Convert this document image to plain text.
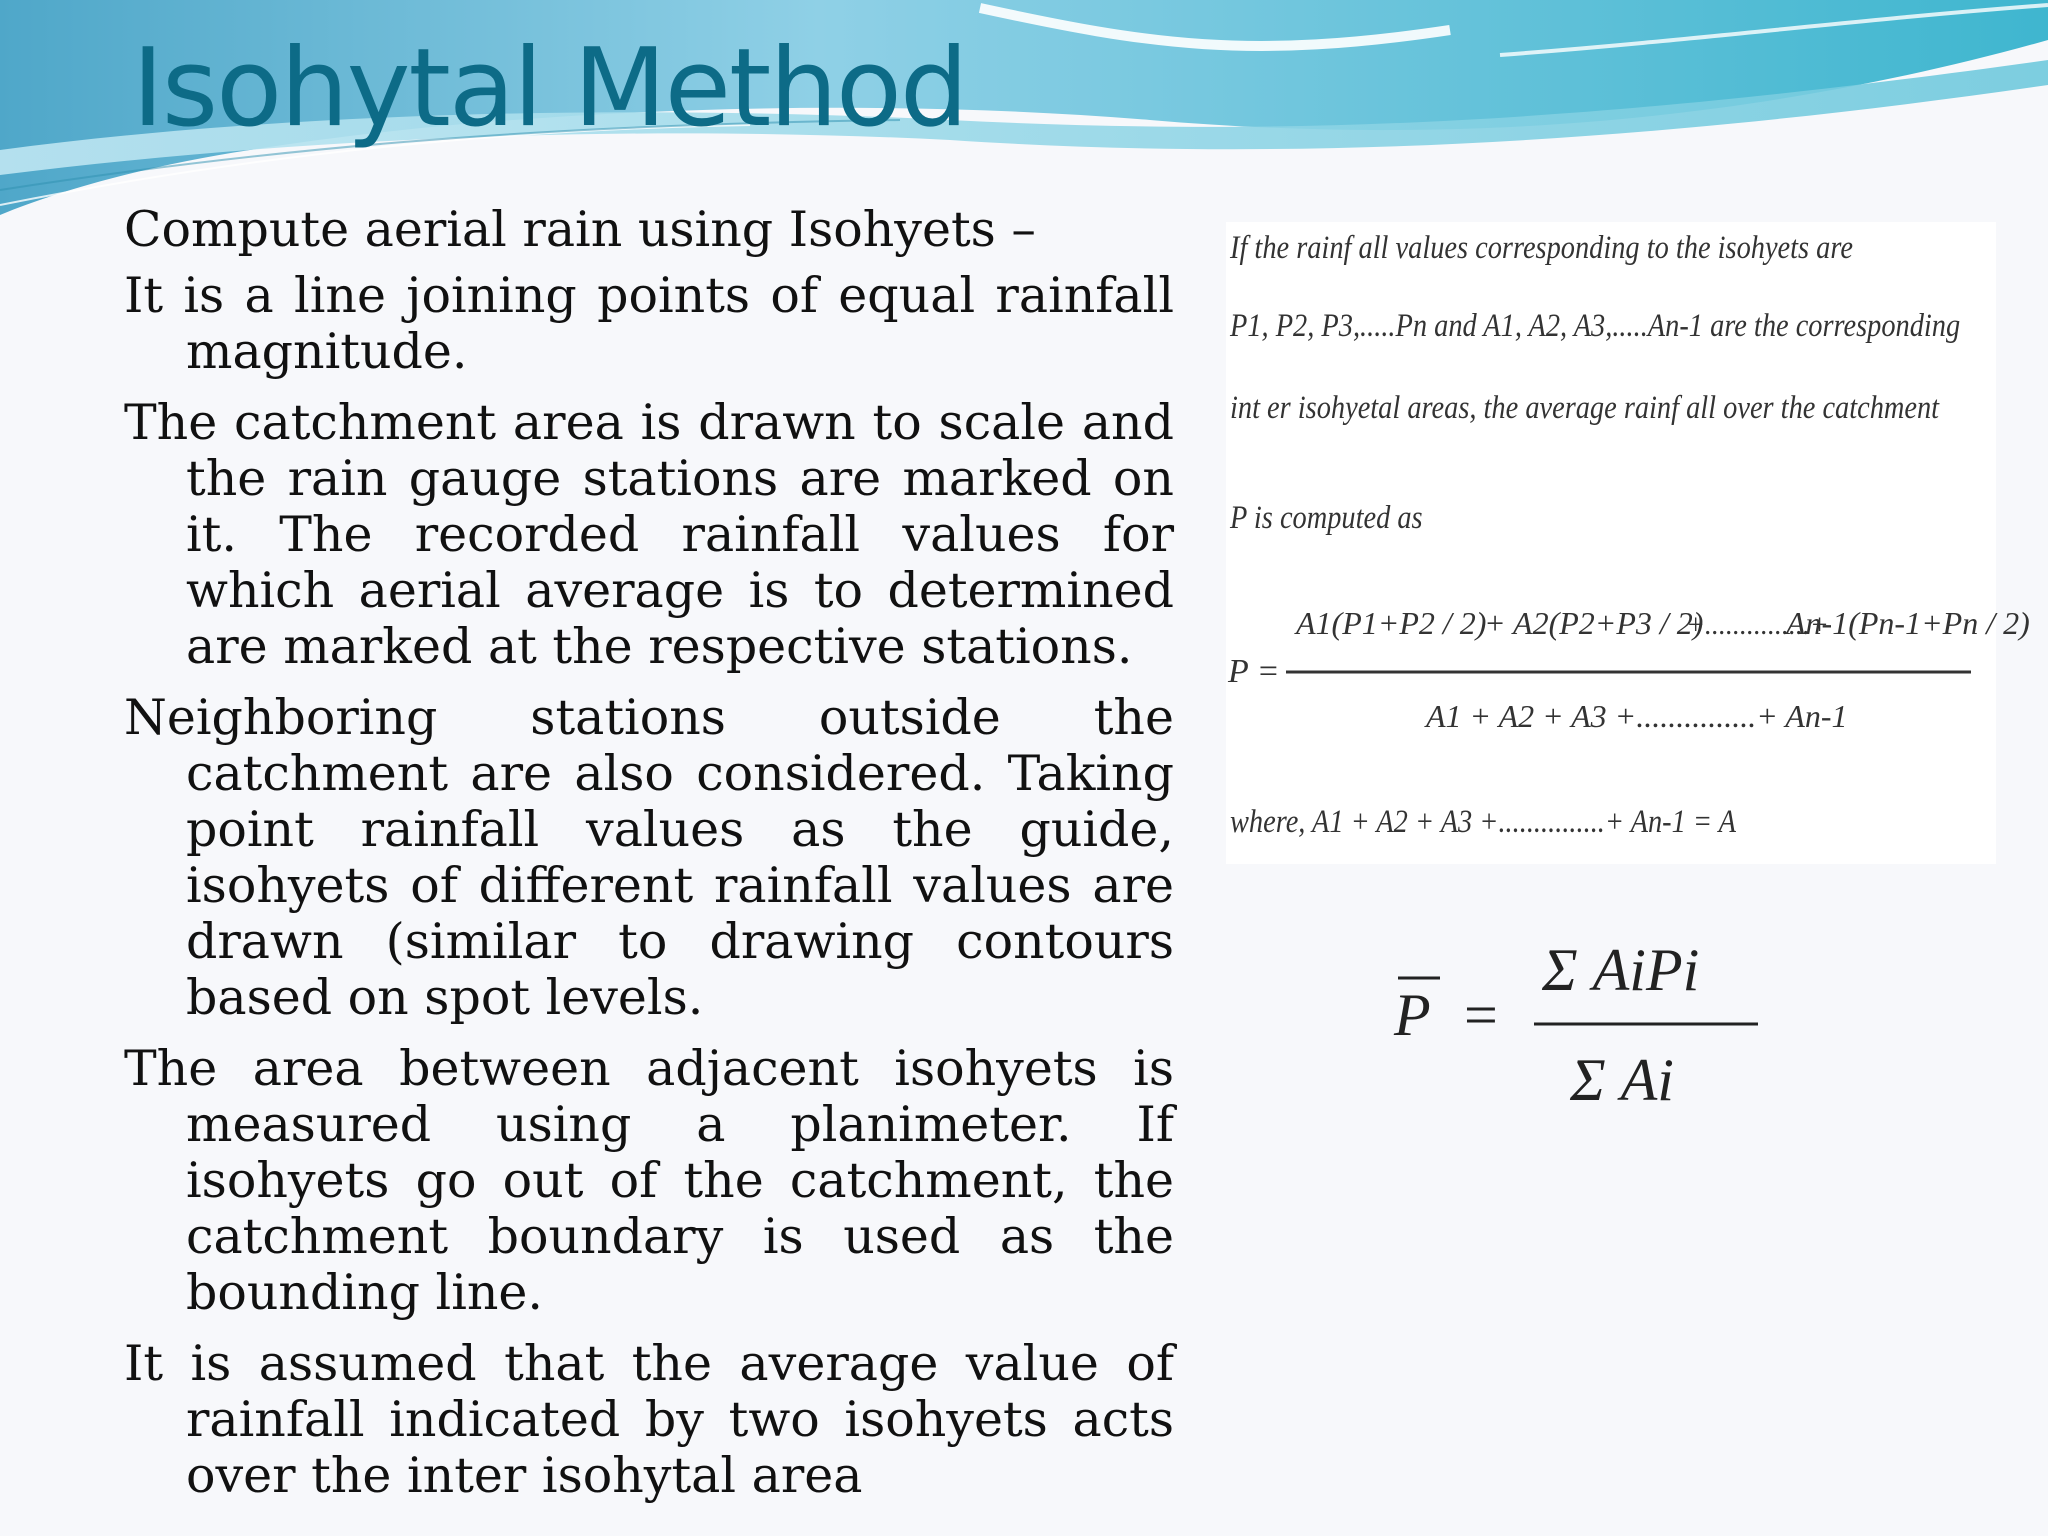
Isohytal Method

Compute aerial rain using Isohyets –

It is a line joining points of equal rainfall magnitude.

The catchment area is drawn to scale and the rain gauge stations are marked on it. The recorded rainfall values for which aerial average is to determined are marked at the respective stations.

Neighboring stations outside the catchment are also considered. Taking point rainfall values as the guide, isohyets of different rainfall values are drawn (similar to drawing contours based on spot levels.

The area between adjacent isohyets is measured using a planimeter. If isohyets go out of the catchment, the catchment boundary is used as the bounding line.

It is assumed that the average value of rainfall indicated by two isohyets acts over the inter isohytal area

If the rainf all values corresponding to the isohyets are

P1, P2, P3,.....Pn and A1, A2, A3,.....An-1 are the corresponding

int er isohyetal areas, the average rainf all over the catchment

P is computed as

P =
A1(P1+P2 / 2)
+ A2(P2+P3 / 2)
+...............+
An-1(Pn-1+Pn / 2)
A1 + A2 + A3 +...............+ An-1

where, A1 + A2 + A3 +...............+ An-1 = A

P =
Σ AiPi
Σ Ai
